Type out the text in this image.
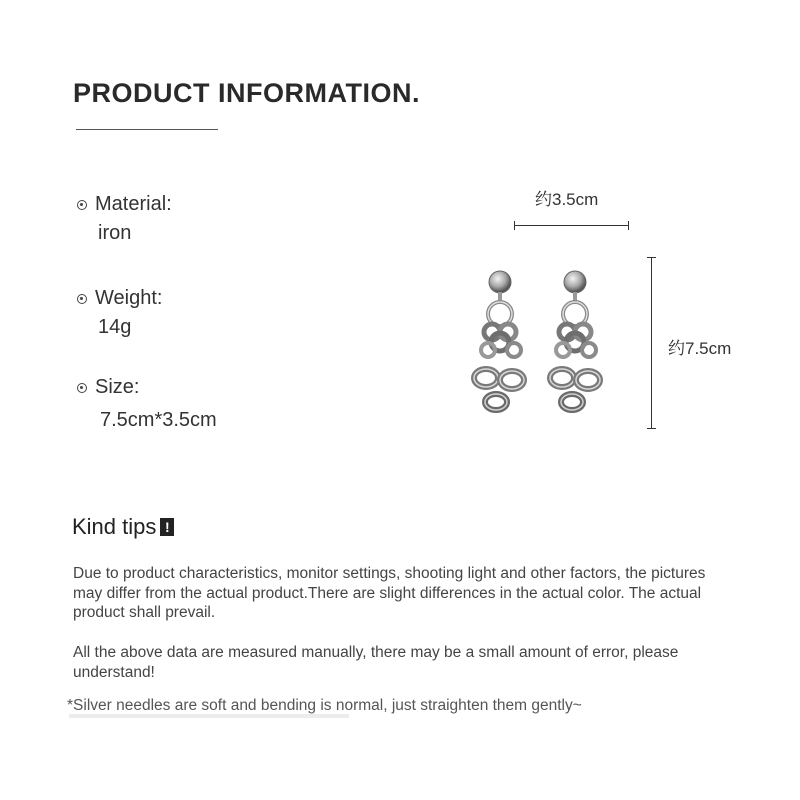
PRODUCT INFORMATION.
Material:
iron
Weight:
14g
Size:
7.5cm*3.5cm
约3.5cm
约7.5cm
Kind tips !

Due to product characteristics, monitor settings, shooting light and other factors, the pictures may differ from the actual product.There are slight differences in the actual color. The actual product shall prevail.

All the above data are measured manually, there may be a small amount of error, please understand!

*Silver needles are soft and bending is normal, just straighten them gently~
